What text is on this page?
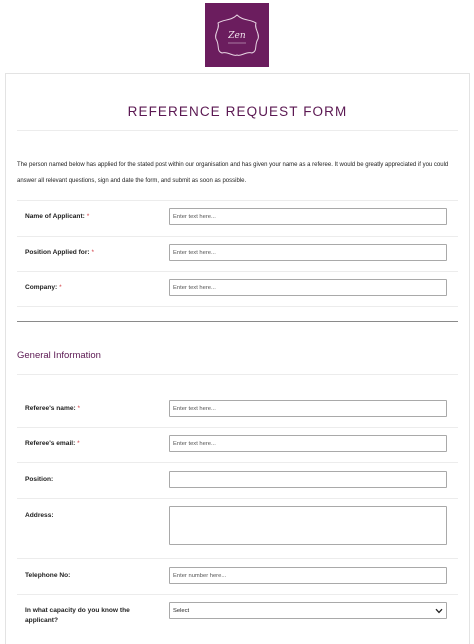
Zen
REFERENCE REQUEST FORM
The person named below has applied for the stated post within our organisation and has given your name as a referee. It would be greatly appreciated if you could answer all relevant questions, sign and date the form, and submit as soon as possible.
Name of Applicant: *
Enter text here...
Position Applied for: *
Enter text here...
Company: *
Enter text here...
General Information
Referee's name: *
Enter text here...
Referee's email: *
Enter text here...
Position:
Address:
Telephone No:
Enter number here...
In what capacity do you know the applicant?
Select
